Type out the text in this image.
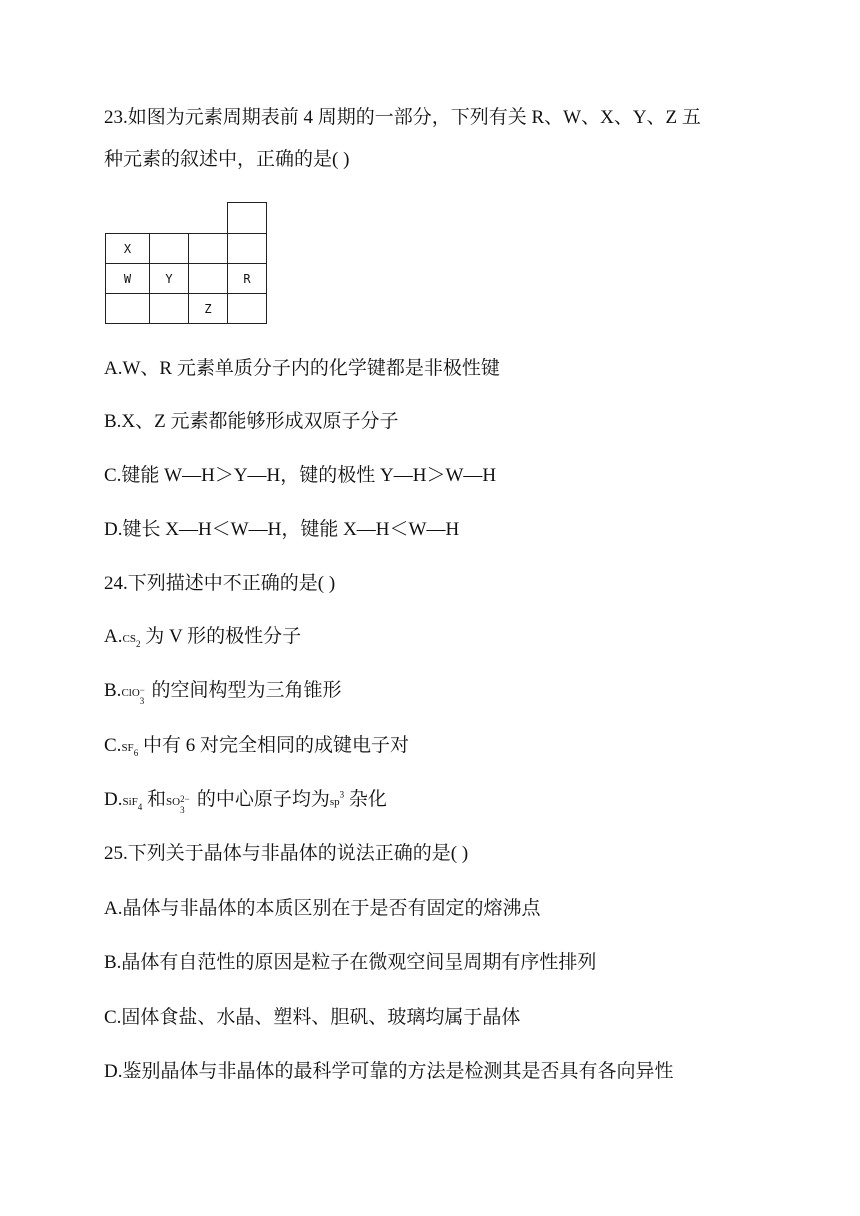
23.如图为元素周期表前 4 周期的一部分，下列有关 R、W、X、Y、Z 五
种元素的叙述中，正确的是( )
X
W	Y	R
Z
A.W、R 元素单质分子内的化学键都是非极性键
B.X、Z 元素都能够形成双原子分子
C.键能 W—H＞Y—H，键的极性 Y—H＞W—H
D.键长 X—H＜W—H，键能 X—H＜W—H
24.下列描述中不正确的是( )
$A.CS_2$ 为 V 形的极性分子
B.ClO −
3 的空间构型为三角锥形
$C.SF_6$ 中有 6 对完全相同的成键电子对
D.SiF$_4$ 和SO 2−
3 的中心原子均为$sp^3$ 杂化
25.下列关于晶体与非晶体的说法正确的是( )
A.晶体与非晶体的本质区别在于是否有固定的熔沸点
B.晶体有自范性的原因是粒子在微观空间呈周期有序性排列
C.固体食盐、水晶、塑料、胆矾、玻璃均属于晶体
D.鉴别晶体与非晶体的最科学可靠的方法是检测其是否具有各向异性
